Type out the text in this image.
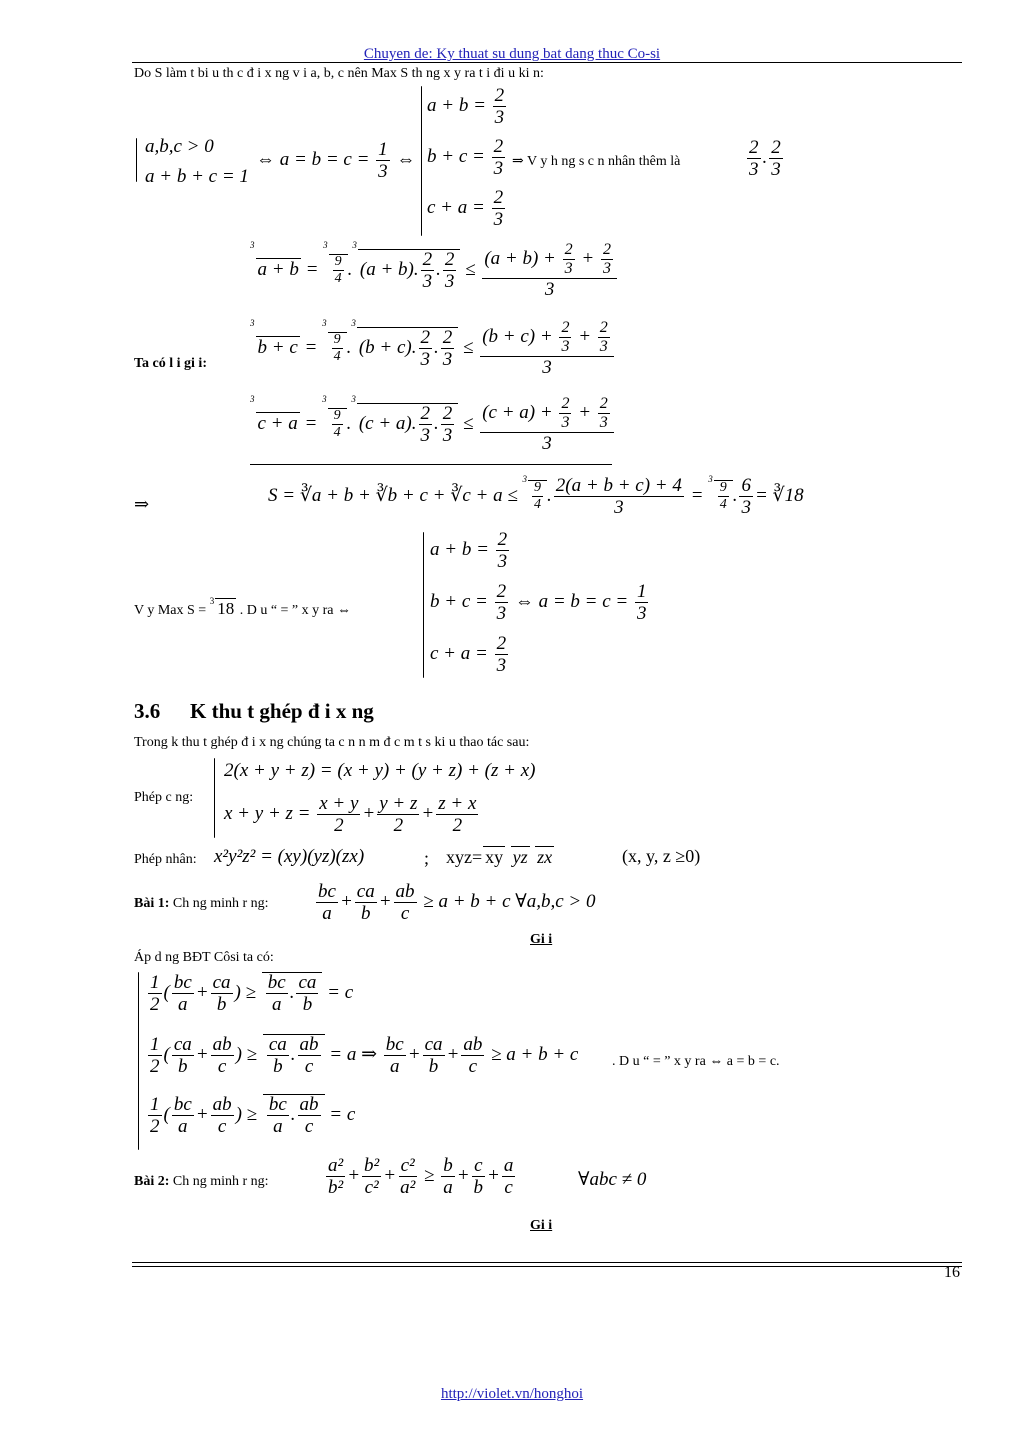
Chuyen de: Ky thuat su dung bat dang thuc Co-si
Do S làm t bi u th c đ i x ng v i a, b, c nên Max S th ng x y ra t i đi u ki n:
a,b,c > 0
a + b + c = 1
⇔ $a = b = c = \frac{1}{3}$ ⇔
$a + b = \frac{2}{3}$
$b + c = \frac{2}{3}$
$c + a = \frac{2}{3}$
⇒ V y h ng s c n nhân thêm là	$\frac{2}{3}$ . $\frac{2}{3}$
$^3$a + b = $^3$
$\frac{9}{4} .^3(a + b)$. $\frac{2}{3}$ . $\frac{2}{3} \le \frac{(a + b) + \frac{2}{3} + \frac{2}{3}}{3}$
Ta có l i gi i:
$^3$b + c = $^3$
$\frac{9}{4} .^3(b + c)$. $\frac{2}{3}$ . $\frac{2}{3} \le \frac{(b + c) + \frac{2}{3} + \frac{2}{3}}{3}$
$^3$c + a = $^3$
$\frac{9}{4} .^3(c + a)$. $\frac{2}{3}$ . $\frac{2}{3} \le \frac{(c + a) + \frac{2}{3} + \frac{2}{3}}{3}$
⇒	S = ∛a + b + ∛b + c + ∛c + a ≤ $^3$
$\frac{9}{4}$ . $\frac{2(a + b + c) + 4}{3} = ^3$
$\frac{9}{4}$ . $\frac{6}{3}$ = ∛18
$a + b = \frac{2}{3}$
$b + c = \frac{2}{3}$ ⇔ $a = b = c = \frac{1}{3}$
$c + a = \frac{2}{3}$
V y Max S = $^3$ 18 . D u “ = ” x y ra ⇔
3.6 K thu t ghép đ i x ng
Trong k thu t ghép đ i x ng chúng ta c n n m đ c m t s ki u thao tác sau:
Phép c ng:
2(x + y + z) = (x + y) + (y + z) + (z + x)
$x + y + z = \frac{x + y}{2} + \frac{y + z}{2} + \frac{z + x}{2}$
Phép nhân: x²y²z² = (xy)(yz)(zx)	; xyz= xy yz zx	(x, y, z ≥0)
Bài 1: Ch ng minh r ng: $\frac{bc}{a} + \frac{ca}{b} + \frac{ab}{c} \ge a + b + c$ ∀a,b,c > 0
Gi i
Áp d ng BĐT Côsi ta có:
$\frac{1}{2}$ ( $\frac{bc}{a} + \frac{ca}{b}$ ) ≥ $\frac{bc}{a}$ . $\frac{ca}{b} = c$
$\frac{1}{2}$ ( $\frac{ca}{b} + \frac{ab}{c}$ ) ≥ $\frac{ca}{b}$ . $\frac{ab}{c} = a$ ⇒ $\frac{bc}{a} + \frac{ca}{b} + \frac{ab}{c} \ge a + b + c$ . D u “ = ” x y ra ⇔ a = b = c.
$\frac{1}{2}$ ( $\frac{bc}{a} + \frac{ab}{c}$ ) ≥ $\frac{bc}{a}$ . $\frac{ab}{c} = c$
Bài 2: Ch ng minh r ng:	$\frac{\text{a²}}{\text{b²}} + \frac{\text{b²}}{\text{c²}} + \frac{\text{c²}}{\text{a²}} \ge \frac{b}{a} + \frac{c}{b} + \frac{a}{c}$	∀abc ≠ 0
Gi i
16
http://violet.vn/honghoi
